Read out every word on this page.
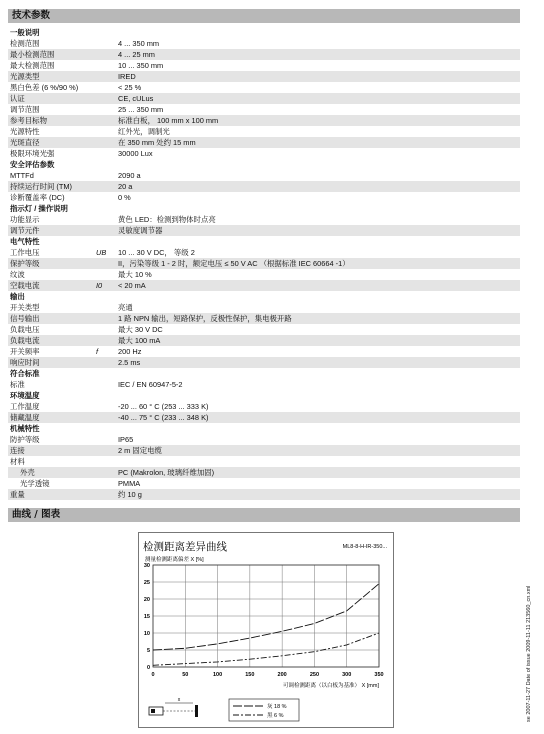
技术参数
一般说明
检测范围	4 ... 350 mm
最小检测范围	4 ... 25 mm
最大检测范围	10 ... 350 mm
光源类型	IRED
黑白色差 (6 %/90 %)	< 25 %
认证	CE, cULus
调节范围	25 ... 350 mm
参考目标物	标准白板， 100 mm x 100 mm
光源特性	红外光，调制光
光斑直径	在 350 mm 处约 15 mm
极限环境光强	30000 Lux
安全评估参数
MTTFd	2090 a
持续运行时间 (TM)	20 a
诊断覆盖率 (DC)	0 %
指示灯 / 操作说明
功能显示	黄色 LED：检测到物体时点亮
调节元件	灵敏度调节器
电气特性
工作电压	UB 10 ... 30 V DC， 等级 2
保护等级	II，污染等级 1 - 2 时，额定电压 ≤ 50 V AC （根据标准 IEC 60664 -1）
纹波	最大 10 %
空载电流	I0 < 20 mA
输出
开关类型	亮通
信号输出	1 路 NPN 输出，短路保护，反极性保护，集电极开路
负载电压	最大 30 V DC
负载电流	最大 100 mA
开关频率	f	200 Hz
响应时间	2.5 ms
符合标准
标准	IEC / EN 60947-5-2
环境温度
工作温度	-20 ... 60 ° C (253 ... 333 K)
储藏温度	-40 ... 75 ° C (233 ... 348 K)
机械特性
防护等级	IP65
连接	2 m 固定电缆
材料
外壳	PC (Makrolon, 玻璃纤维加固)
光学透镜	PMMA
重量	约 10 g
曲线 / 图表
检测距离差异曲线	ML8-8-H-IR-350...
测量检测距离偏差 X [%]
0	50	100	150	200	250	300	350
0
5
10
15
20
25
30
可调检测距离（以白板为基准） X [mm]
x
灰 18 %
黑 6 %	se 2007-11-27 Date of issue 2009-11-11 213560_cn.xml
